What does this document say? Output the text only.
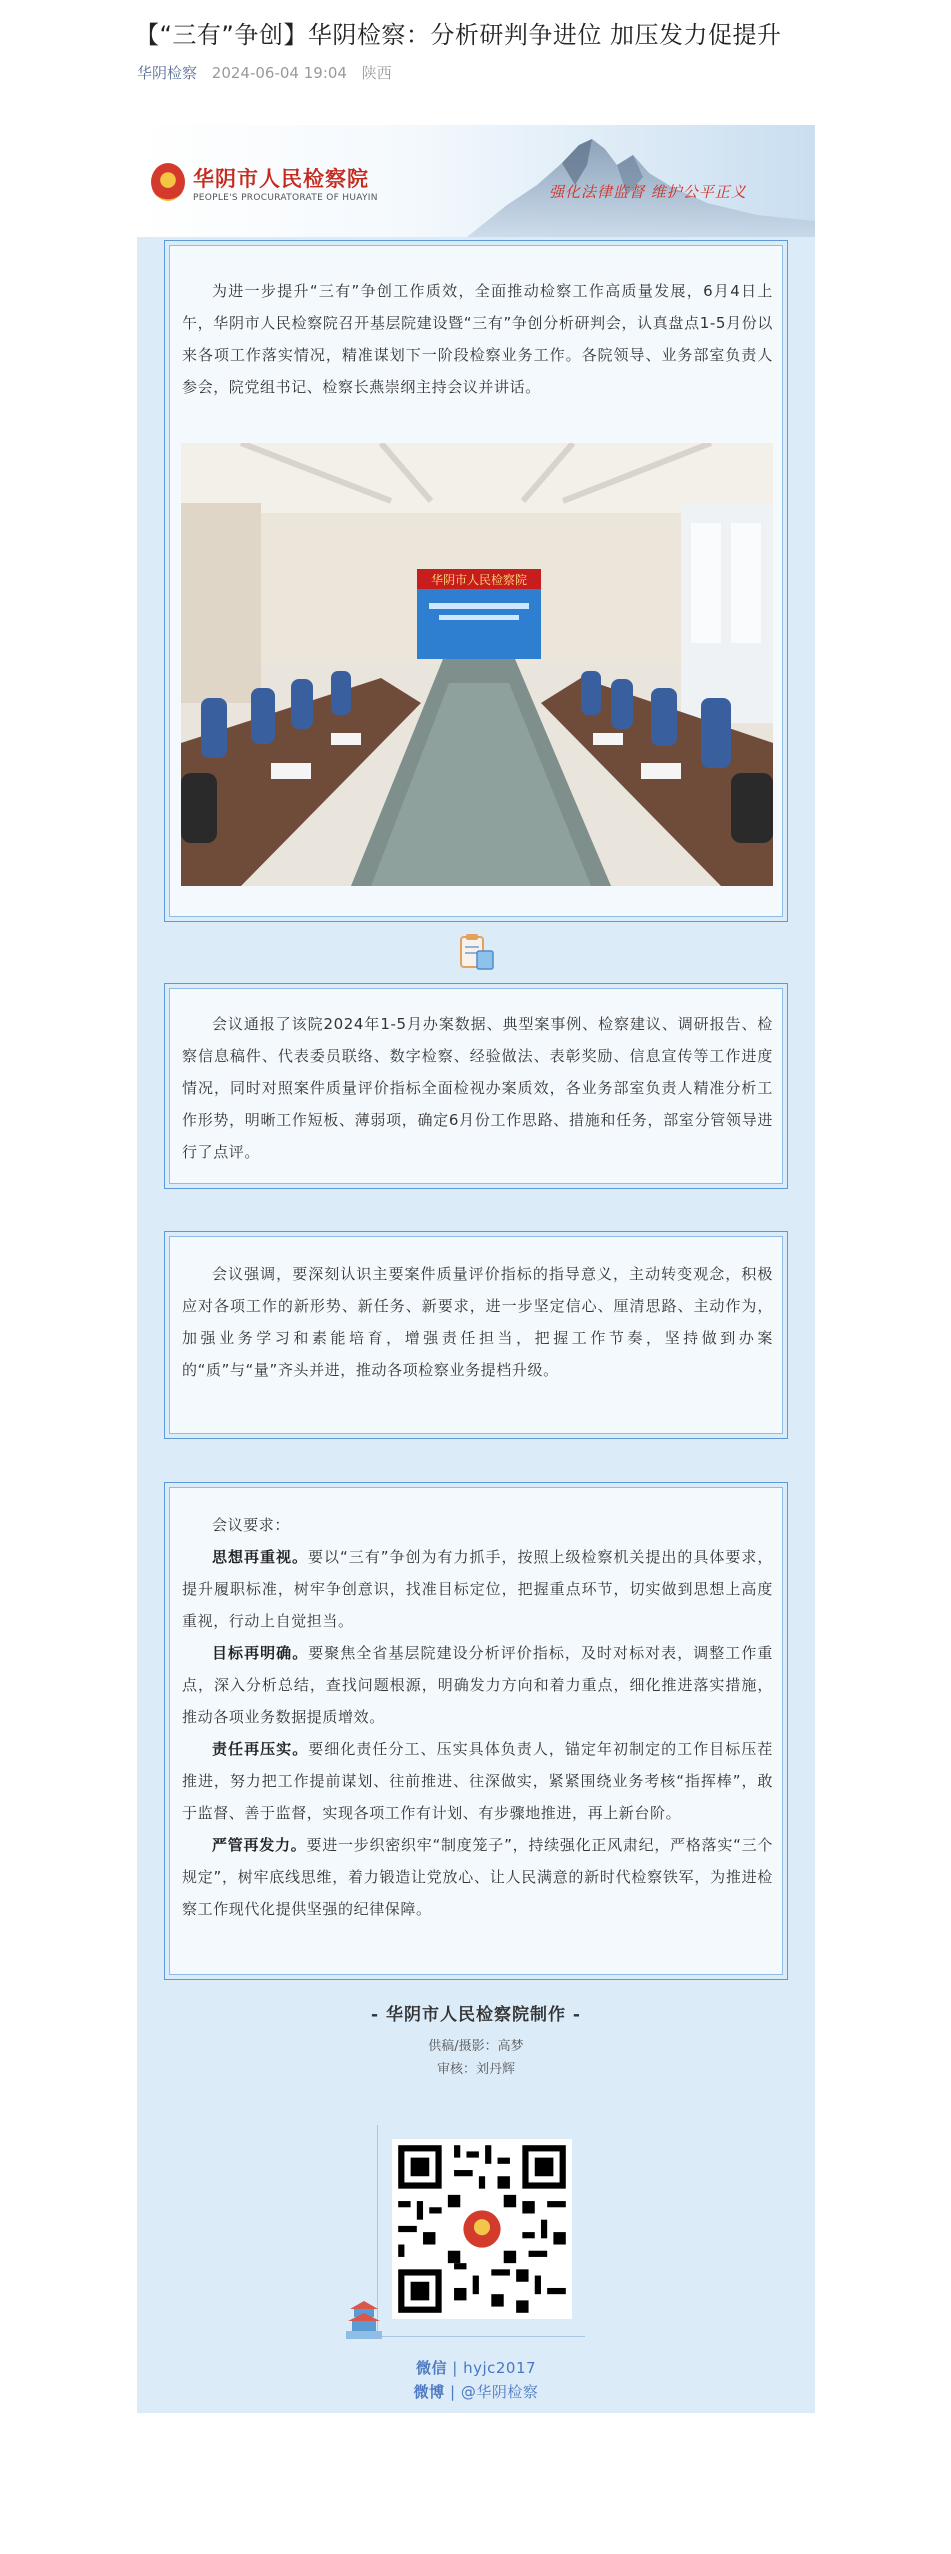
【“三有”争创】华阴检察：分析研判争进位 加压发力促提升
华阴检察 2024-06-04 19:04 陕西
华阴市人民检察院
PEOPLE'S PROCURATORATE OF HUAYIN	强化法律监督 维护公平正义

为进一步提升“三有”争创工作质效，全面推动检察工作高质量发展，6月4日上午，华阴市人民检察院召开基层院建设暨“三有”争创分析研判会，认真盘点1-5月份以来各项工作落实情况，精准谋划下一阶段检察业务工作。各院领导、业务部室负责人参会，院党组书记、检察长燕崇纲主持会议并讲话。

华阴市人民检察院

会议通报了该院2024年1-5月办案数据、典型案事例、检察建议、调研报告、检察信息稿件、代表委员联络、数字检察、经验做法、表彰奖励、信息宣传等工作进度情况，同时对照案件质量评价指标全面检视办案质效，各业务部室负责人精准分析工作形势，明晰工作短板、薄弱项，确定6月份工作思路、措施和任务，部室分管领导进行了点评。

会议强调，要深刻认识主要案件质量评价指标的指导意义，主动转变观念，积极应对各项工作的新形势、新任务、新要求，进一步坚定信心、厘清思路、主动作为，加强业务学习和素能培育，增强责任担当，把握工作节奏，坚持做到办案的“质”与“量”齐头并进，推动各项检察业务提档升级。

会议要求：

思想再重视。要以“三有”争创为有力抓手，按照上级检察机关提出的具体要求，提升履职标准，树牢争创意识，找准目标定位，把握重点环节，切实做到思想上高度重视，行动上自觉担当。

目标再明确。要聚焦全省基层院建设分析评价指标，及时对标对表，调整工作重点，深入分析总结，查找问题根源，明确发力方向和着力重点，细化推进落实措施，推动各项业务数据提质增效。

责任再压实。要细化责任分工、压实具体负责人，锚定年初制定的工作目标压茬推进，努力把工作提前谋划、往前推进、往深做实，紧紧围绕业务考核“指挥棒”，敢于监督、善于监督，实现各项工作有计划、有步骤地推进，再上新台阶。

严管再发力。要进一步织密织牢“制度笼子”，持续强化正风肃纪，严格落实“三个规定”，树牢底线思维，着力锻造让党放心、让人民满意的新时代检察铁军，为推进检察工作现代化提供坚强的纪律保障。

- 华阴市人民检察院制作 -
供稿/摄影：高梦
审核：刘丹辉
微信 | hyjc2017
微博 | @华阴检察
